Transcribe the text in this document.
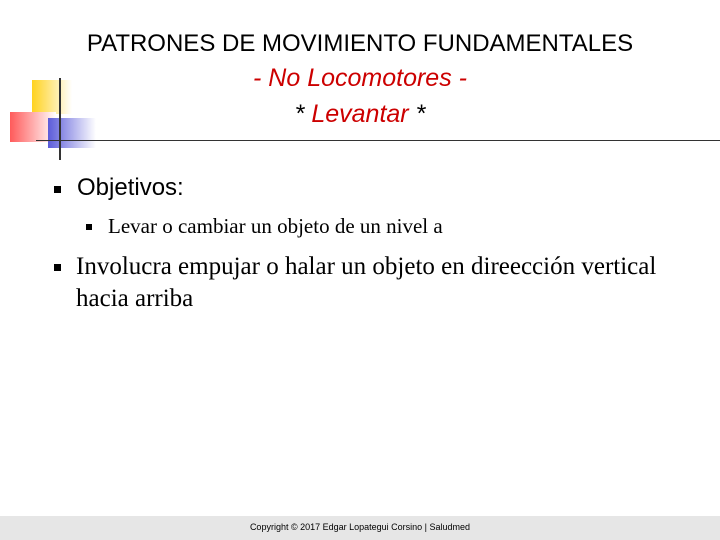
PATRONES DE MOVIMIENTO FUNDAMENTALES
- No Locomotores -
* Levantar *
Objetivos:
Levar o cambiar un objeto de un nivel a
Involucra empujar o halar un objeto en direección vertical hacia arriba
Copyright © 2017 Edgar Lopategui Corsino | Saludmed
